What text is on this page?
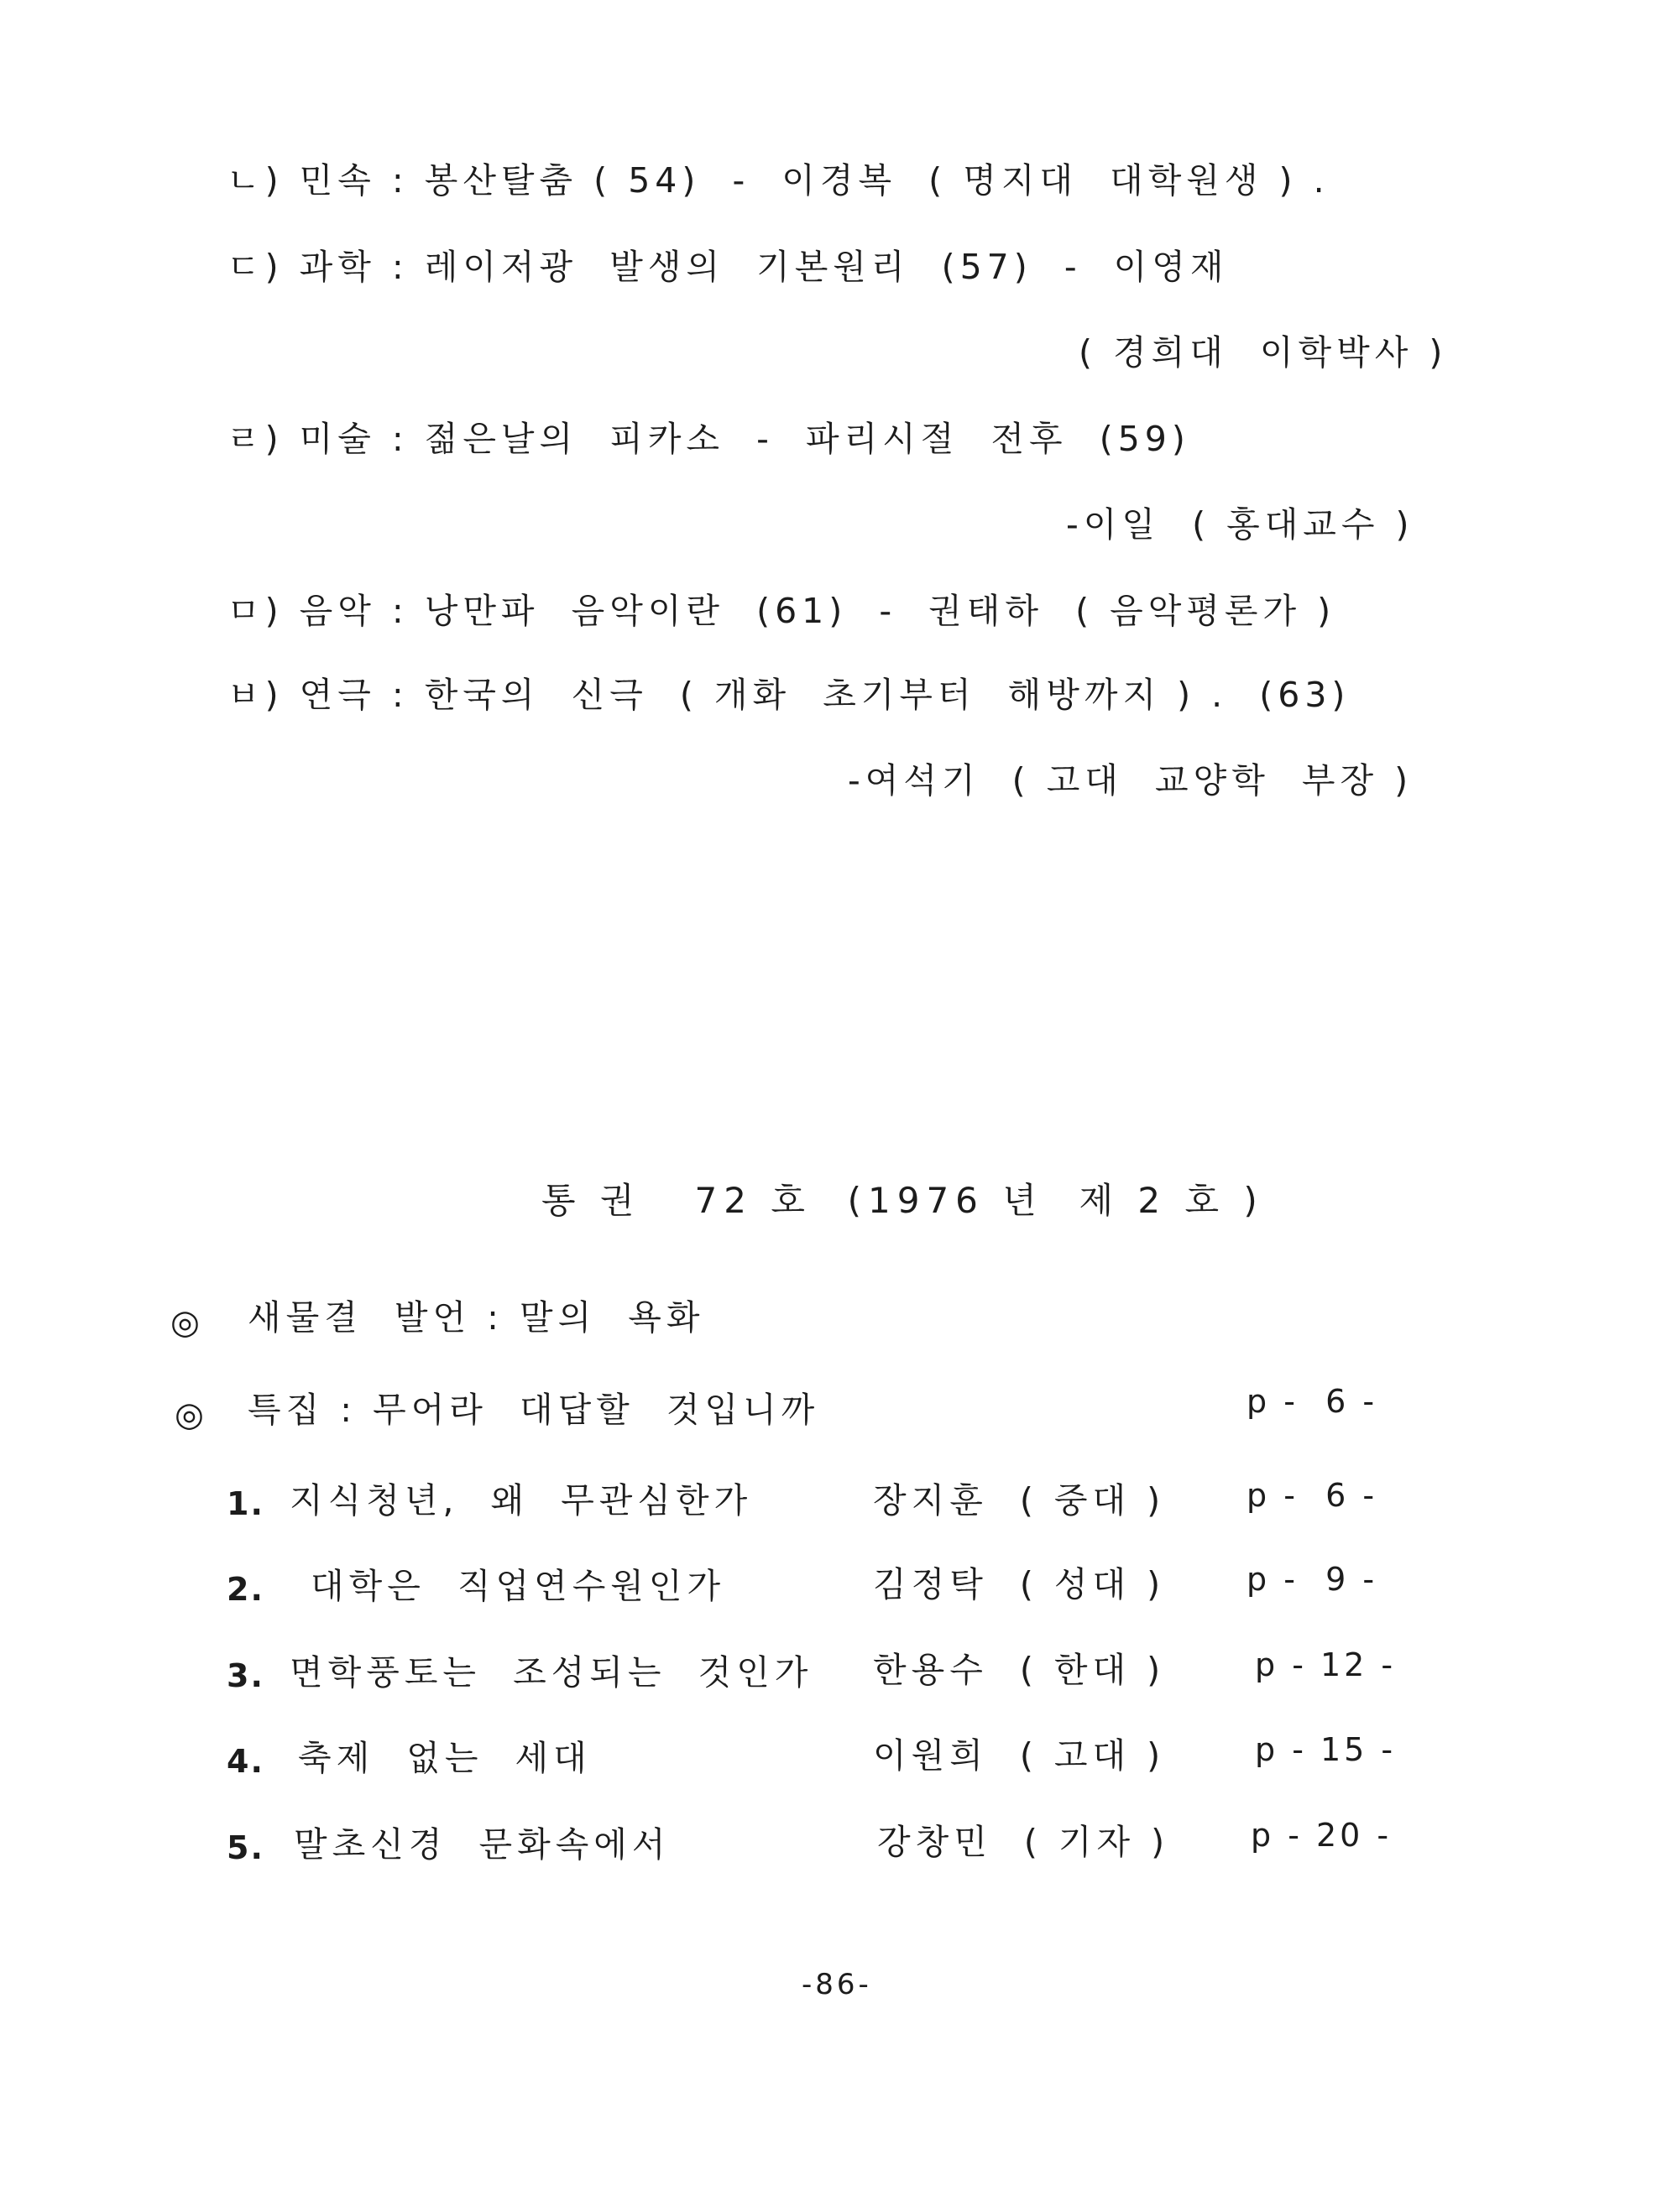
ㄴ) 민속 : 봉산탈춤 ( 54)  -  이경복  ( 명지대  대학원생 ) .
ㄷ) 과학 : 레이저광  발생의  기본원리  (57)  -  이영재
( 경희대  이학박사 )
ㄹ) 미술 : 젊은날의  피카소  -  파리시절  전후  (59)
-이일  ( 홍대교수 )
ㅁ) 음악 : 낭만파  음악이란  (61)  -  권태하  ( 음악평론가 )
ㅂ) 연극 : 한국의  신극  ( 개화  초기부터  해방까지 ) .  (63)
-여석기  ( 고대  교양학  부장 )
통 권   72 호  (1976 년  제 2 호 )
◎ 새물결  발언 : 말의  욕화
◎ 특집 : 무어라  대답할  것입니까	p -  6 -
1. 지식청년,  왜  무관심한가	장지훈  ( 중대 )	p -  6 -
2. 대학은  직업연수원인가	김정탁  ( 성대 )	p -  9 -
3. 면학풍토는  조성되는  것인가 한용수  ( 한대 )	p - 12 -
4. 축제  없는  세대	이원희  ( 고대 )	p - 15 -
5. 말초신경  문화속에서	강창민  ( 기자 )	p - 20 -
-86-
